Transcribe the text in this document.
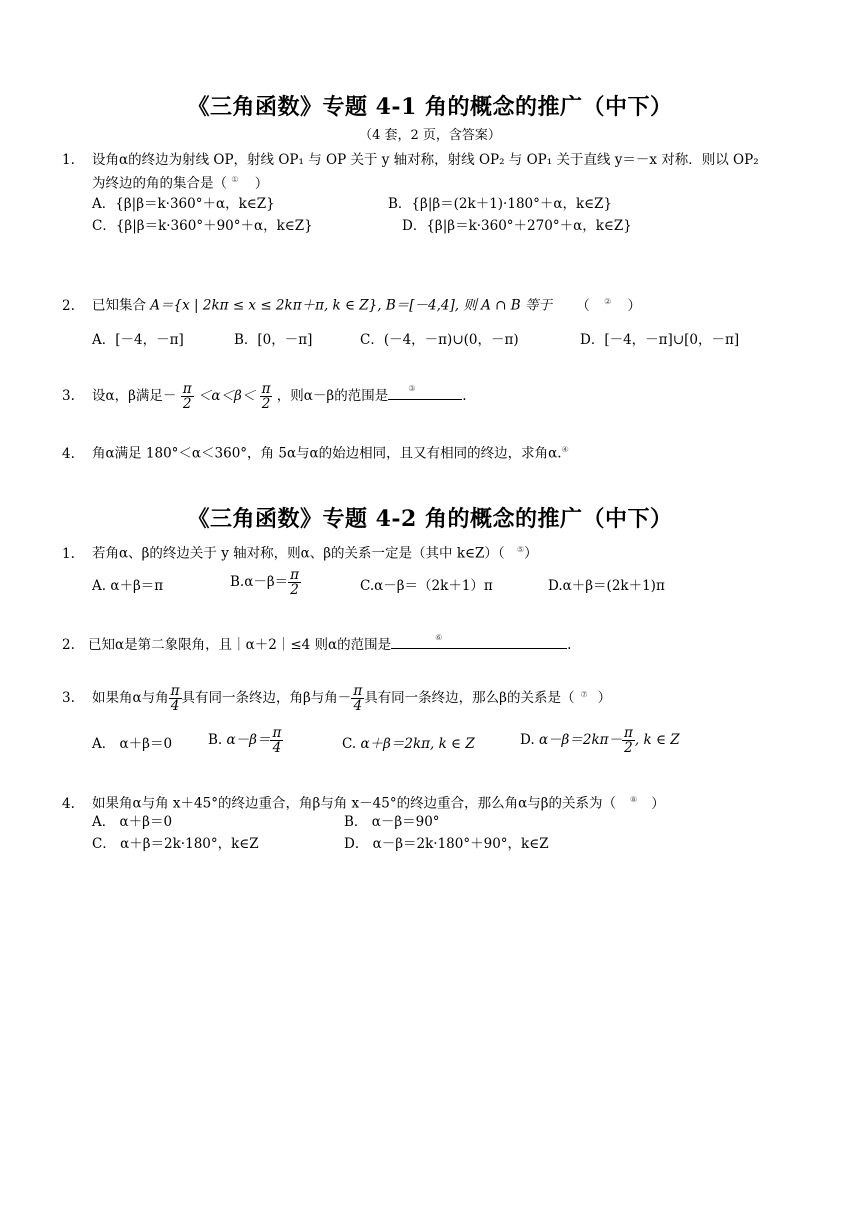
《三角函数》专题 4-1 角的概念的推广（中下）
（4 套，2 页，含答案）
1. 设角α的终边为射线 OP，射线 OP₁ 与 OP 关于 y 轴对称，射线 OP₂ 与 OP₁ 关于直线 y＝－x 对称．则以 OP₂
为终边的角的集合是（ ① ）
A．{β|β＝k·360°＋α，k∈Z}	B．{β|β＝(2k＋1)·180°＋α，k∈Z}
C．{β|β＝k·360°＋90°＋α，k∈Z}	D．{β|β＝k·360°＋270°＋α，k∈Z}
2. 已知集合 A＝{x | 2kπ ≤ x ≤ 2kπ＋π, k ∈ Z}, B＝[－4,4], 则 A ∩ B 等于 （ ② ）
A．[－4，－π]	B．[0，－π]	C．(－4，－π)∪(0，－π)	D．[－4，－π]∪[0，－π]
3. 设α，β满足－ $\frac{\pi}{2} <\alpha<\beta< \frac{\pi}{2}$ ，则α－β的范围是	③	.
4. 角α满足 180°＜α＜360°，角 5α与α的始边相同，且又有相同的终边，求角α.④
《三角函数》专题 4-2 角的概念的推广（中下）
1. 若角α、β的终边关于 y 轴对称，则α、β的关系一定是（其中 k∈Z）（ ⑤）
A. α＋β＝π	$B.\alpha-\beta= \frac{\pi}{2}$	C.α－β＝（2k＋1）π	D.α＋β＝(2k＋1)π
2. 已知α是第二象限角，且｜α＋2｜≤4 则α的范围是	⑥	.
3. 如果角α与角 $\frac{\pi}{4}$ 具有同一条终边，角β与角－ $\frac{\pi}{4}$ 具有同一条终边，那么β的关系是（ ⑦ ）
A． α＋β＝0	B. $\alpha-\beta= \frac{\pi}{4}$	C. α＋β＝2kπ, k ∈ Z	D. $\alpha-\beta=2k\pi- \frac{\pi}{2}$ , k ∈ Z
4. 如果角α与角 x＋45°的终边重合，角β与角 x－45°的终边重合，那么角α与β的关系为（ ⑧ ）
A． α＋β＝0	B． α－β＝90°
C． α＋β＝2k·180°，k∈Z	D． α－β＝2k·180°＋90°，k∈Z
